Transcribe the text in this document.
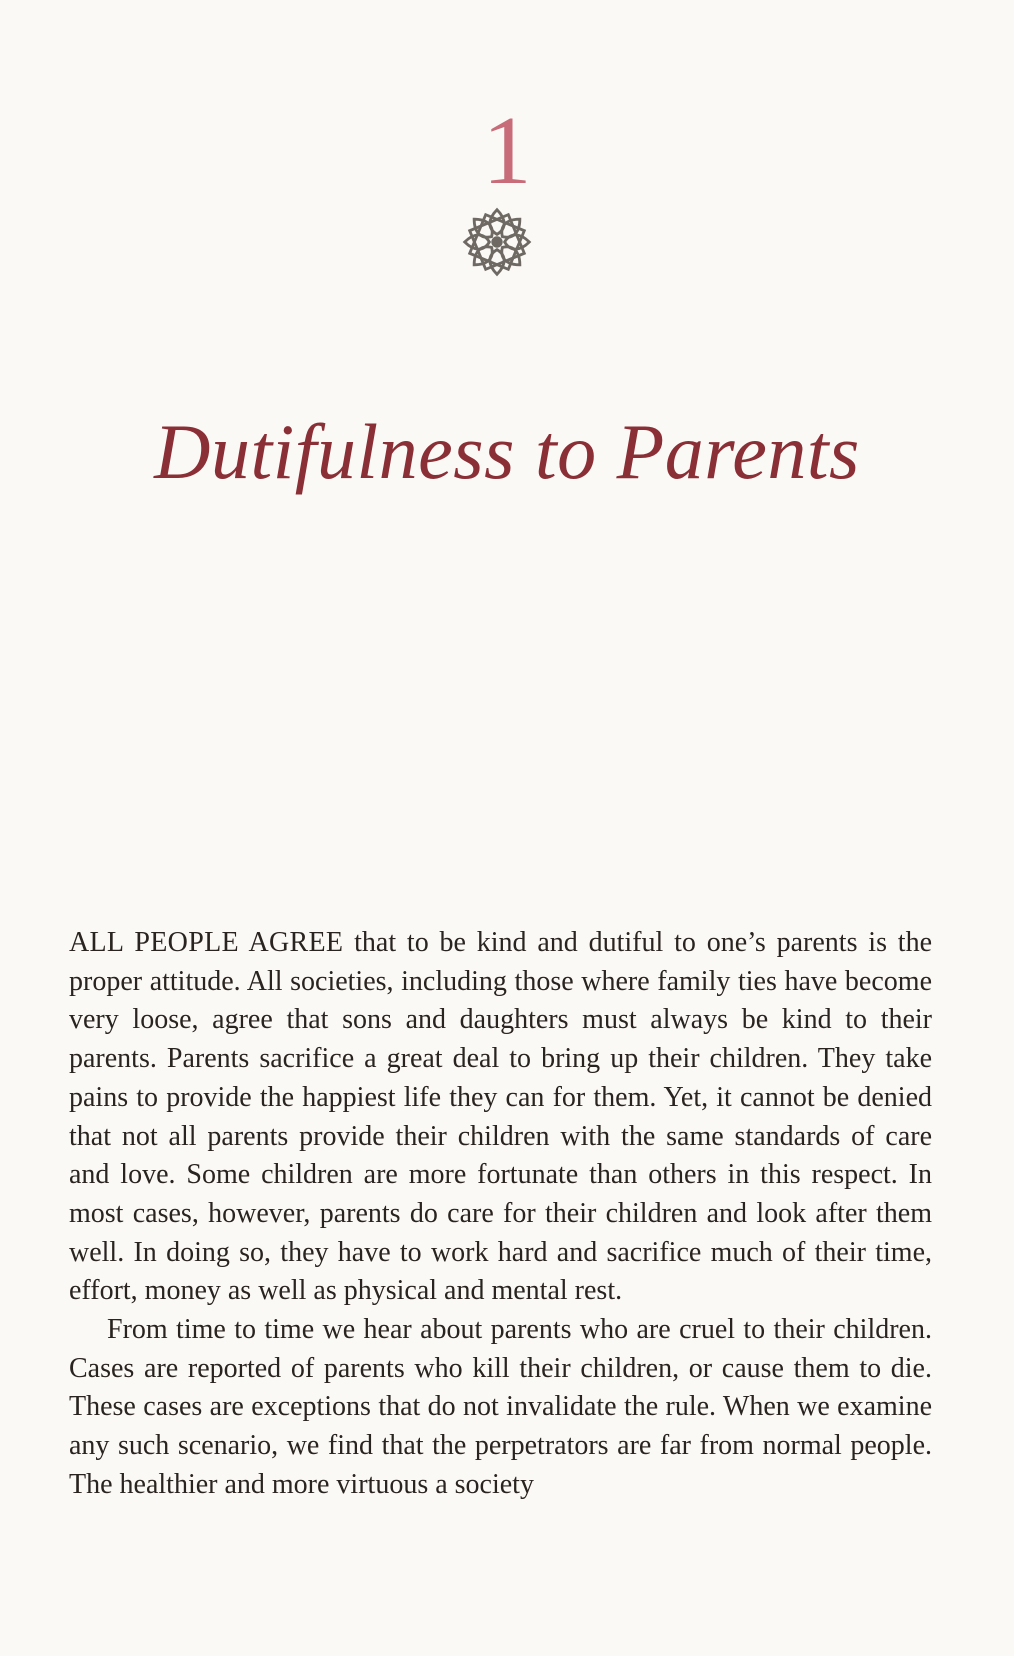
1
Dutifulness to Parents

ALL PEOPLE AGREE that to be kind and dutiful to one’s parents is the proper attitude. All societies, including those where family ties have become very loose, agree that sons and daughters must always be kind to their parents. Parents sacrifice a great deal to bring up their children. They take pains to provide the happiest life they can for them. Yet, it cannot be denied that not all parents provide their children with the same standards of care and love. Some children are more fortunate than others in this respect. In most cases, however, parents do care for their children and look after them well. In doing so, they have to work hard and sacrifice much of their time, effort, money as well as physical and mental rest.

From time to time we hear about parents who are cruel to their children. Cases are reported of parents who kill their children, or cause them to die. These cases are exceptions that do not invalidate the rule. When we examine any such scenario, we find that the perpetrators are far from normal people. The healthier and more virtuous a society
